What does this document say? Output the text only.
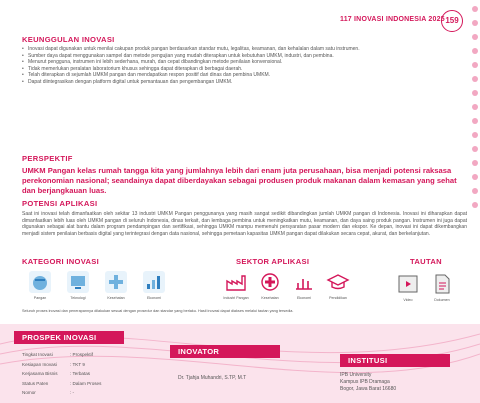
117 INOVASI INDONESIA 2025 159
KEUNGGULAN INOVASI
• Inovasi dapat digunakan untuk menilai cakupan produk pangan berdasarkan standar mutu, legalitas, keamanan, dan kehalalan dalam satu instrumen.
• Sumber daya dapat menggunakan sampel dan metode pengujian yang mudah diterapkan untuk kebutuhan UMKM, industri, dan pembina.
• Menurut pengguna, instrumen ini lebih sederhana, murah, dan cepat dibandingkan metode penilaian konvensional.
• Tidak memerlukan peralatan laboratorium khusus sehingga dapat diterapkan di berbagai daerah.
• Telah diterapkan di sejumlah UMKM pangan dan mendapatkan respon positif dari dinas dan pembina UMKM.
• Dapat diintegrasikan dengan platform digital untuk pemantauan dan pengembangan UMKM.
PERSPEKTIF
UMKM Pangan kelas rumah tangga kita yang jumlahnya lebih dari enam juta perusahaan, bisa menjadi potensi raksasa perekonomian nasional; seandainya dapat diberdayakan sebagai produsen produk makanan dalam kemasan yang sehat dan berjangkauan luas.
POTENSI APLIKASI
Saat ini inovasi telah dimanfaatkan oleh sekitar 13 industri UMKM Pangan penggunanya yang masih sangat sedikit dibandingkan jumlah UMKM pangan di Indonesia. Inovasi ini diharapkan dapat dimanfaatkan lebih luas oleh UMKM pangan di seluruh Indonesia, dinas terkait, dan lembaga pembina untuk meningkatkan mutu, keamanan, dan daya saing produk pangan. Instrumen ini juga dapat digunakan sebagai alat bantu dalam program pendampingan dan sertifikasi, sehingga UMKM mampu memenuhi persyaratan pasar modern dan ekspor. Ke depan, inovasi ini dapat dikembangkan menjadi sistem penilaian berbasis digital yang terintegrasi dengan data nasional, sehingga pemetaan kapasitas UMKM pangan dapat dilakukan secara cepat, akurat, dan berkelanjutan.
KATEGORI INOVASI
Pangan	Teknologi	Kesehatan	Ekonomi
SEKTOR APLIKASI
Industri Pangan	Kesehatan	Ekonomi	Pendidikan
TAUTAN
Video	Dokumen
Seluruh proses inovasi dan penerapannya dilakukan sesuai dengan prosedur dan standar yang berlaku. Hasil inovasi dapat diakses melalui tautan yang tersedia.
PROSPEK INOVASI
Tingkat Inovasi	: Prospektif
Kesiapan Inovasi	: TKT 9
Kerjasama Bisnis	: Terbatas
Status Paten	: Dalam Proses
Nomor	: -
INOVATOR
Dr. Tjahja Muhandri, S.TP, M.T
INSTITUSI
IPB University
Kampus IPB Dramaga
Bogor, Jawa Barat 16680
